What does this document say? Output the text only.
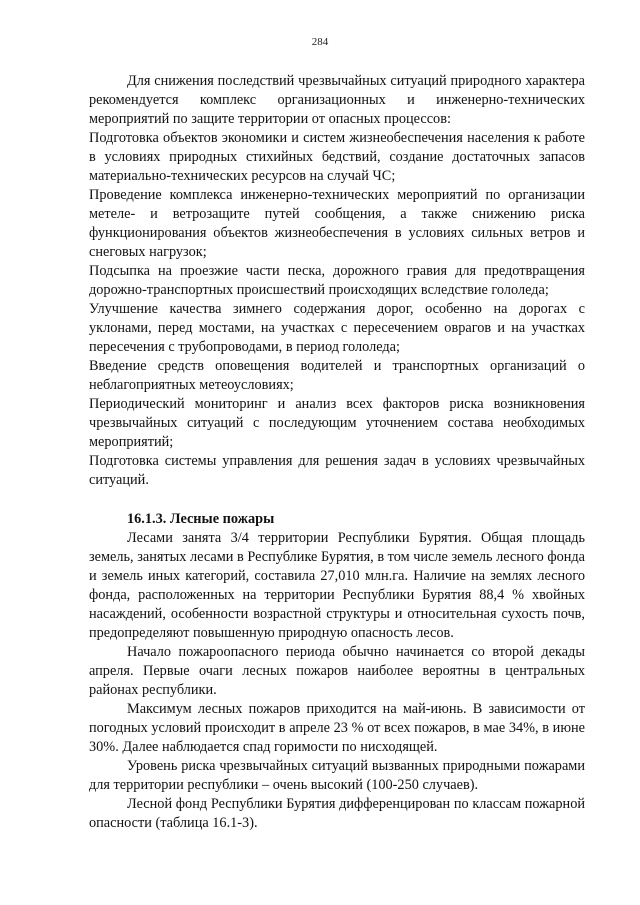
284

Для снижения последствий чрезвычайных ситуаций природного характера рекомендуется комплекс организационных и инженерно-технических мероприятий по защите территории от опасных процессов:

Подготовка объектов экономики и систем жизнеобеспечения населения к работе в условиях природных стихийных бедствий, создание достаточных запасов материально-технических ресурсов на случай ЧС;

Проведение комплекса инженерно-технических мероприятий по организации метеле- и ветрозащите путей сообщения, а также снижению риска функционирования объектов жизнеобеспечения в условиях сильных ветров и снеговых нагрузок;

Подсыпка на проезжие части песка, дорожного гравия для предотвращения дорожно-транспортных происшествий происходящих вследствие гололеда;

Улучшение качества зимнего содержания дорог, особенно на дорогах с уклонами, перед мостами, на участках с пересечением оврагов и на участках пересечения с трубопроводами, в период гололеда;

Введение средств оповещения водителей и транспортных организаций о неблагоприятных метеоусловиях;

Периодический мониторинг и анализ всех факторов риска возникновения чрезвычайных ситуаций с последующим уточнением состава необходимых мероприятий;

Подготовка системы управления для решения задач в условиях чрезвычайных ситуаций.

16.1.3. Лесные пожары

Лесами занята 3/4 территории Республики Бурятия. Общая площадь земель, занятых лесами в Республике Бурятия, в том числе земель лесного фонда и земель иных категорий, составила 27,010 млн.га. Наличие на землях лесного фонда, расположенных на территории Республики Бурятия 88,4 % хвойных насаждений, особенности возрастной структуры и относительная сухость почв, предопределяют повышенную природную опасность лесов.

Начало пожароопасного периода обычно начинается со второй декады апреля. Первые очаги лесных пожаров наиболее вероятны в центральных районах республики.

Максимум лесных пожаров приходится на май-июнь. В зависимости от погодных условий происходит в апреле 23 % от всех пожаров, в мае 34%, в июне 30%. Далее наблюдается спад горимости по нисходящей.

Уровень риска чрезвычайных ситуаций вызванных природными пожарами для территории республики – очень высокий (100-250 случаев).

Лесной фонд Республики Бурятия дифференцирован по классам пожарной опасности (таблица 16.1-3).
